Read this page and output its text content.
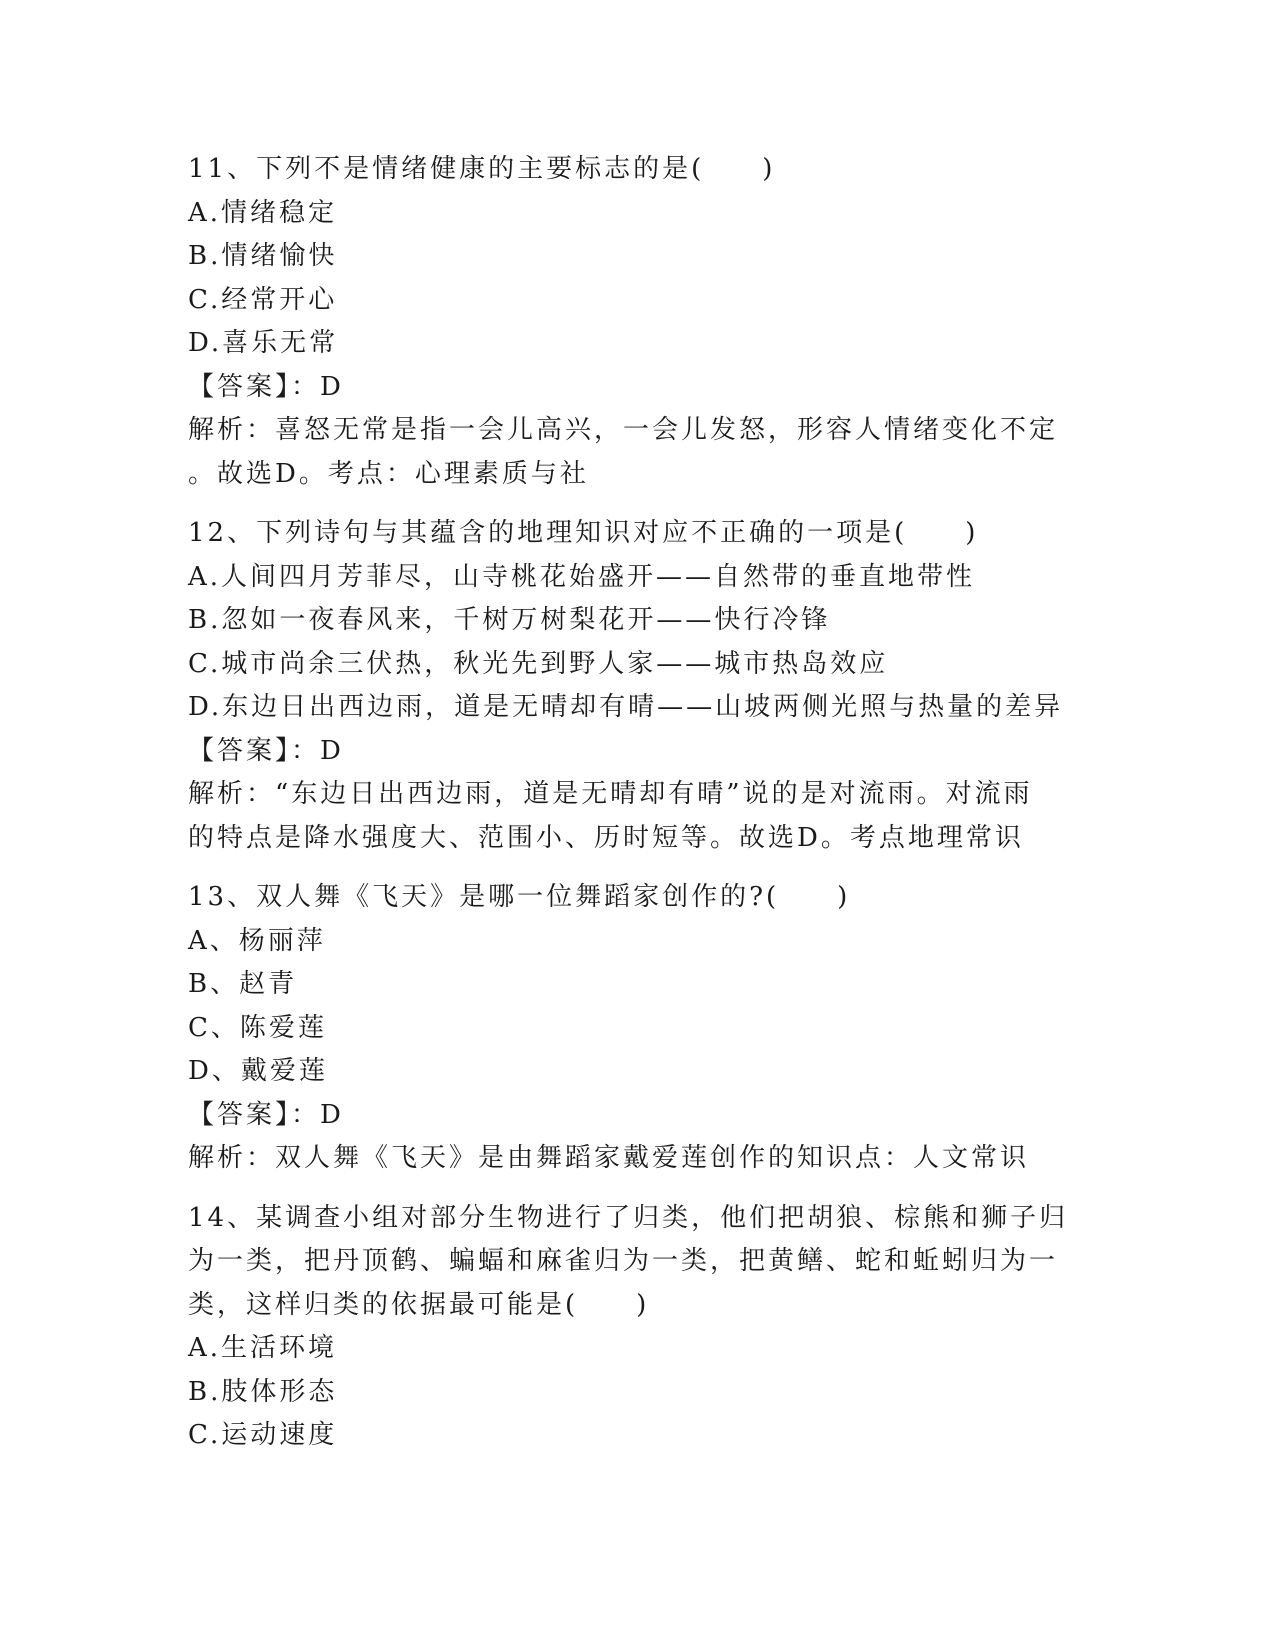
11、下列不是情绪健康的主要标志的是(　　)
A.情绪稳定
B.情绪愉快
C.经常开心
D.喜乐无常
【答案】：D
解析：喜怒无常是指一会儿高兴，一会儿发怒，形容人情绪变化不定
。故选D。考点：心理素质与社
12、下列诗句与其蕴含的地理知识对应不正确的一项是(　　)
A.人间四月芳菲尽，山寺桃花始盛开——自然带的垂直地带性
B.忽如一夜春风来，千树万树梨花开——快行冷锋
C.城市尚余三伏热，秋光先到野人家——城市热岛效应
D.东边日出西边雨，道是无晴却有晴——山坡两侧光照与热量的差异
【答案】：D
解析：“东边日出西边雨，道是无晴却有晴”说的是对流雨。对流雨
的特点是降水强度大、范围小、历时短等。故选D。考点地理常识
13、双人舞《飞天》是哪一位舞蹈家创作的?(　　)
A、杨丽萍
B、赵青
C、陈爱莲
D、戴爱莲
【答案】：D
解析：双人舞《飞天》是由舞蹈家戴爱莲创作的知识点：人文常识
14、某调查小组对部分生物进行了归类，他们把胡狼、棕熊和狮子归
为一类，把丹顶鹤、蝙蝠和麻雀归为一类，把黄鳝、蛇和蚯蚓归为一
类，这样归类的依据最可能是(　　)
A.生活环境
B.肢体形态
C.运动速度
